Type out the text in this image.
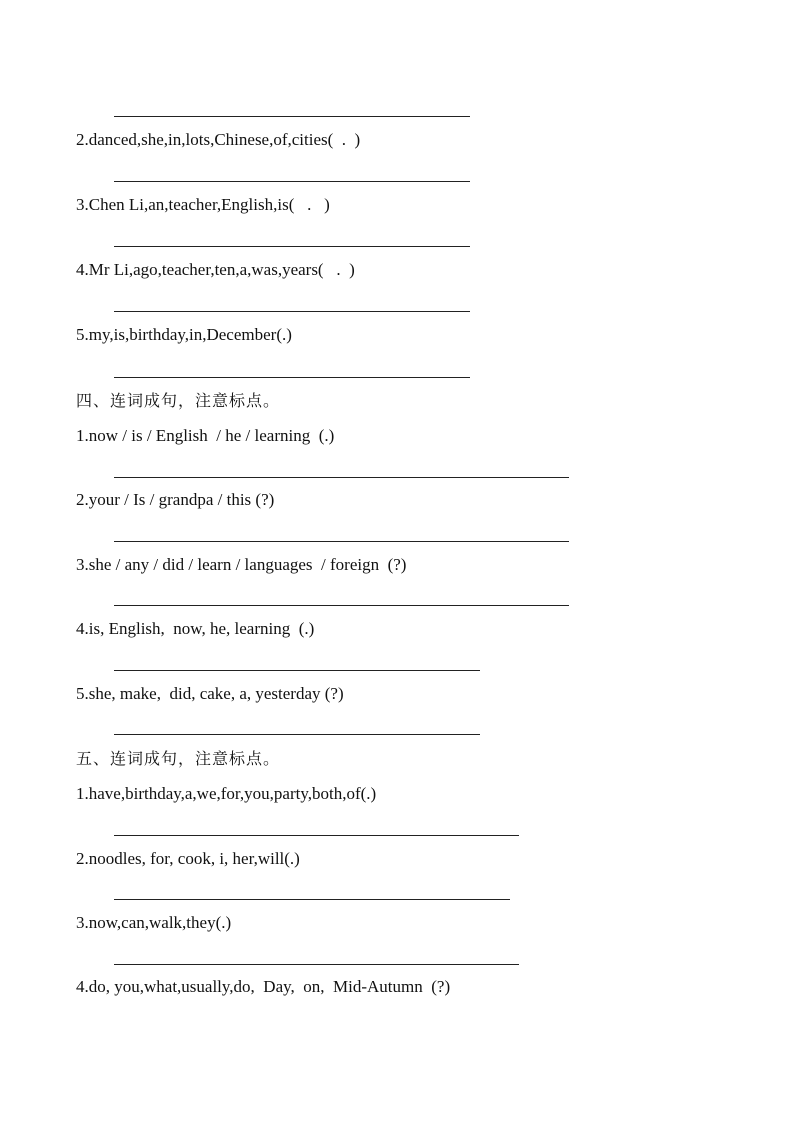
2.danced,she,in,lots,Chinese,of,cities(  .  )
3.Chen Li,an,teacher,English,is(   .   )
4.Mr Li,ago,teacher,ten,a,was,years(   .  )
5.my,is,birthday,in,December(.)
四、连词成句，注意标点。
1.now / is / English  / he / learning  (.)
2.your / Is / grandpa / this (?)
3.she / any / did / learn / languages  / foreign  (?)
4.is, English,  now, he, learning  (.)
5.she, make,  did, cake, a, yesterday (?)
五、连词成句，注意标点。
1.have,birthday,a,we,for,you,party,both,of(.)
2.noodles, for, cook, i, her,will(.)
3.now,can,walk,they(.)
4.do, you,what,usually,do,  Day,  on,  Mid-Autumn  (?)
